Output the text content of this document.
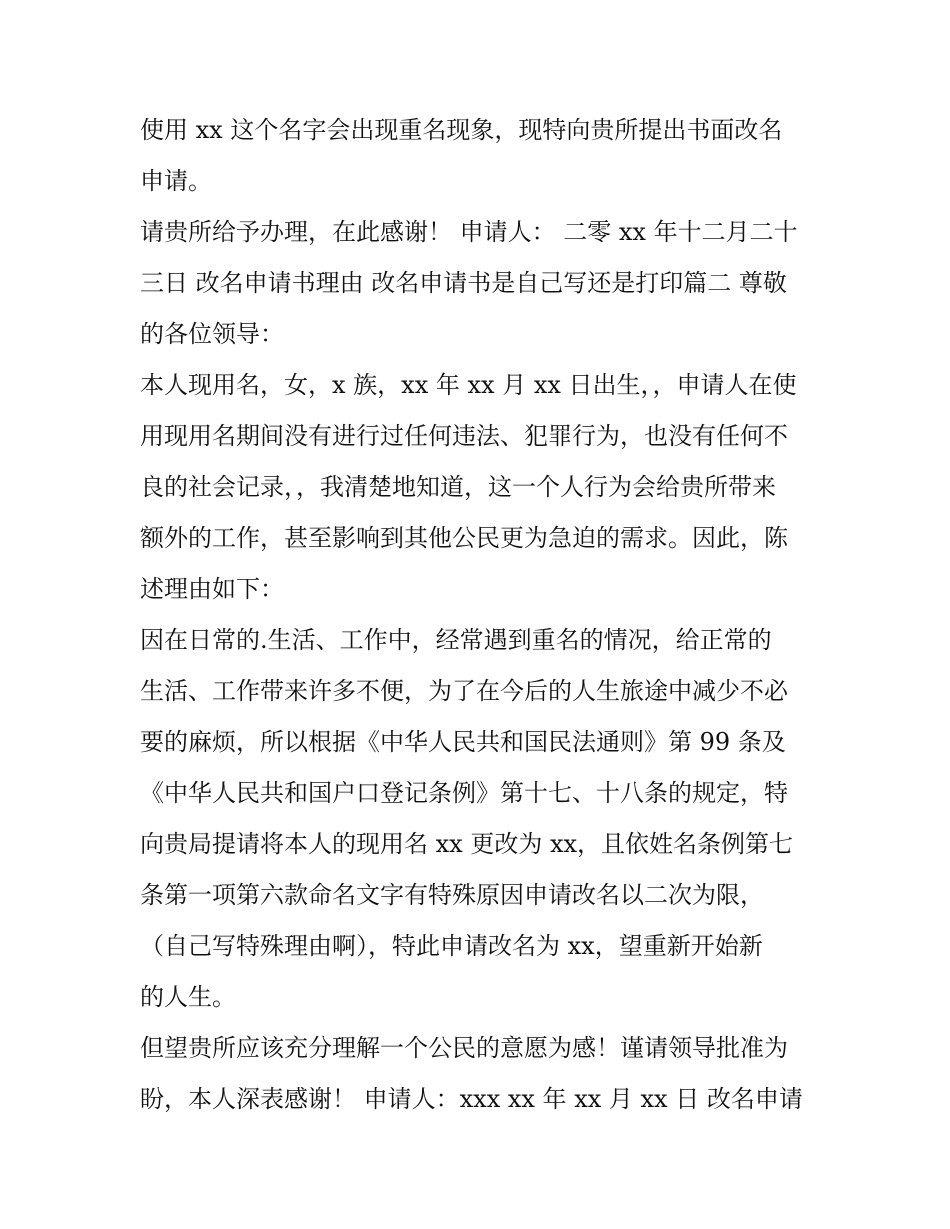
使用 xx 这个名字会出现重名现象，现特向贵所提出书面改名
申请。
请贵所给予办理，在此感谢！ 申请人： 二零 xx 年十二月二十
三日 改名申请书理由 改名申请书是自己写还是打印篇二 尊敬
的各位领导：
本人现用名，女，x 族，xx 年 xx 月 xx 日出生，，申请人在使
用现用名期间没有进行过任何违法、犯罪行为，也没有任何不
良的社会记录，，我清楚地知道，这一个人行为会给贵所带来
额外的工作，甚至影响到其他公民更为急迫的需求。因此，陈
述理由如下：
因在日常的.生活、工作中，经常遇到重名的情况，给正常的
生活、工作带来许多不便，为了在今后的人生旅途中减少不必
要的麻烦，所以根据《中华人民共和国民法通则》第 99 条及
《中华人民共和国户口登记条例》第十七、十八条的规定，特
向贵局提请将本人的现用名 xx 更改为 xx，且依姓名条例第七
条第一项第六款命名文字有特殊原因申请改名以二次为限，
（自己写特殊理由啊），特此申请改名为 xx，望重新开始新
的人生。
但望贵所应该充分理解一个公民的意愿为感！谨请领导批准为
盼，本人深表感谢！ 申请人：xxx xx 年 xx 月 xx 日 改名申请
